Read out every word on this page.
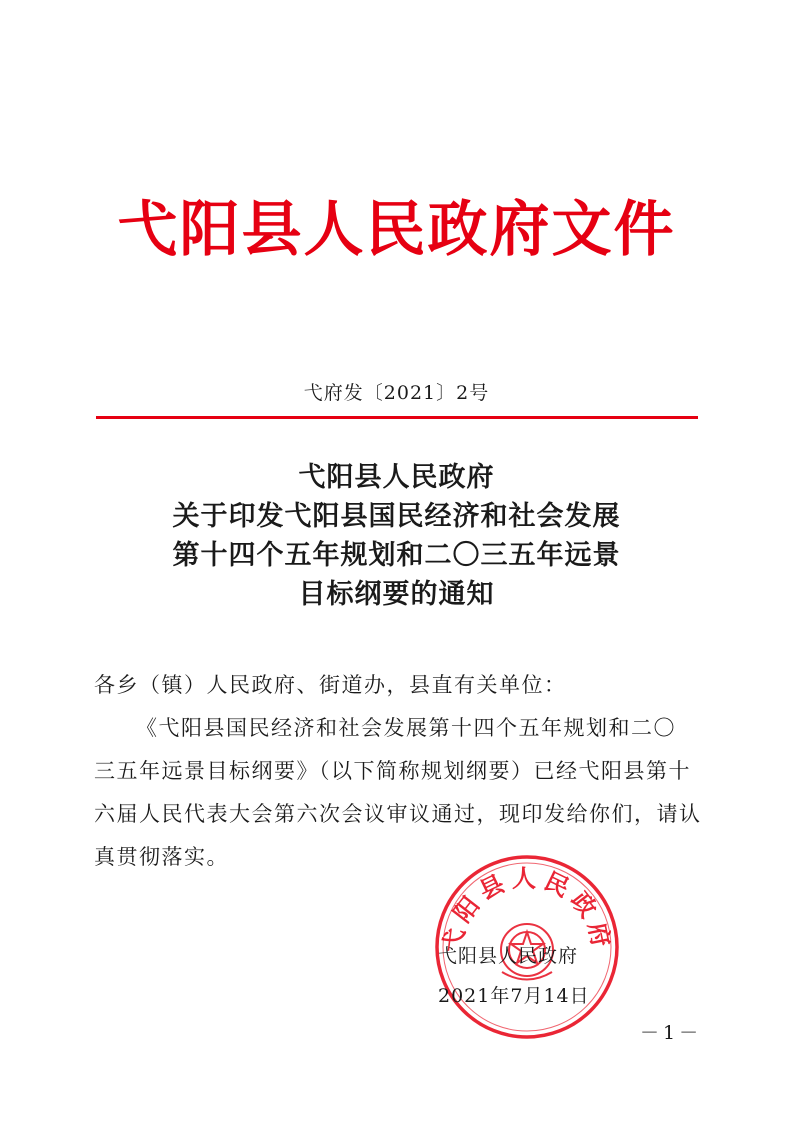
弋阳县人民政府文件
弋府发〔2021〕2号
弋阳县人民政府
关于印发弋阳县国民经济和社会发展
第十四个五年规划和二〇三五年远景
目标纲要的通知

各乡（镇）人民政府、街道办，县直有关单位：

《弋阳县国民经济和社会发展第十四个五年规划和二〇

三五年远景目标纲要》（以下简称规划纲要）已经弋阳县第十

六届人民代表大会第六次会议审议通过，现印发给你们，请认

真贯彻落实。

弋阳县人民政府
弋阳县人民政府
2021年7月14日
－1－
